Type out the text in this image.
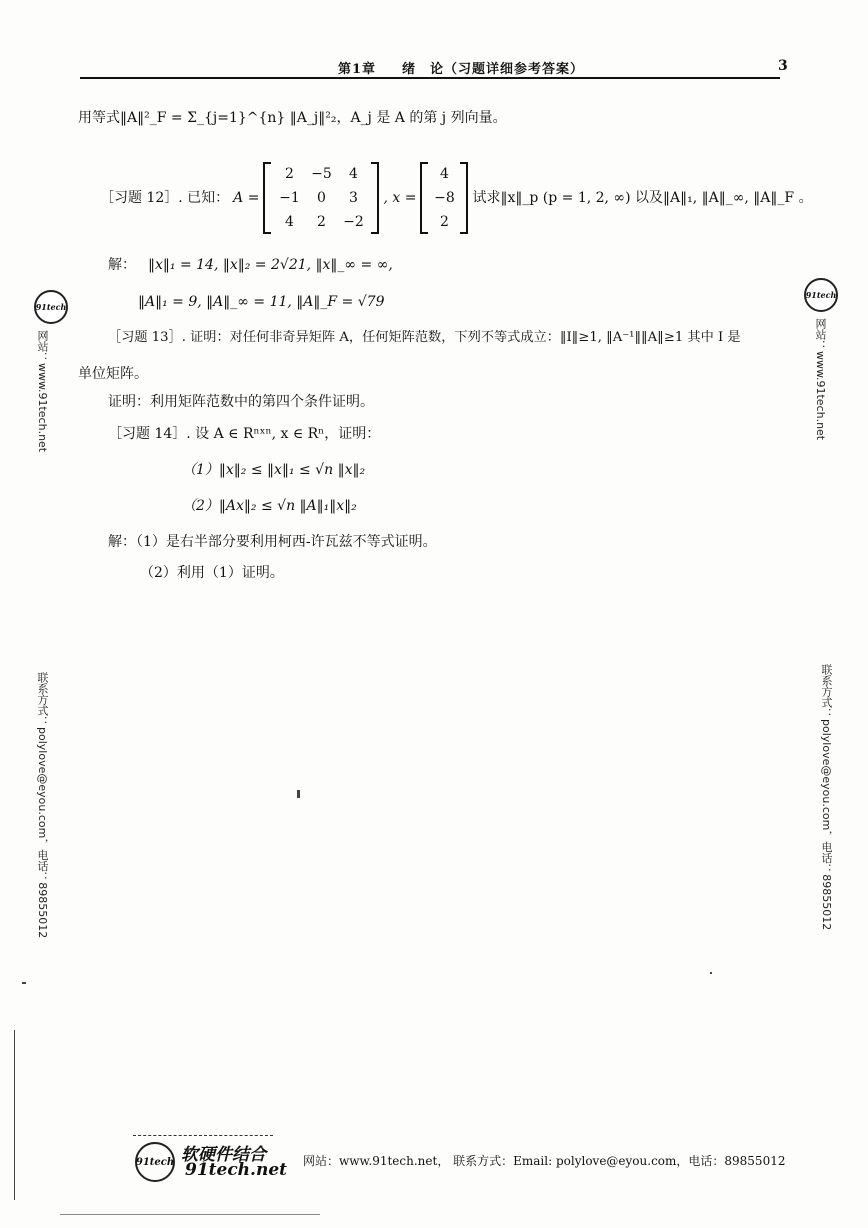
第1章 绪　论（习题详细参考答案）	3
用等式‖A‖²_F = Σ_{j=1}^{n} ‖A_j‖²₂，A_j 是 A 的第 j 列向量。
［习题 12］. 已知： A =
2	−5	4
−1	0	3
4	2	−2
, x =
4
−8
2
试求‖x‖_p (p = 1, 2, ∞) 以及‖A‖₁, ‖A‖_∞, ‖A‖_F 。
解： ‖x‖₁ = 14, ‖x‖₂ = 2√21, ‖x‖_∞ = ∞,
‖A‖₁ = 9, ‖A‖_∞ = 11, ‖A‖_F = √79
［习题 13］. 证明：对任何非奇异矩阵 A，任何矩阵范数，下列不等式成立：‖I‖≥1, ‖A⁻¹‖‖A‖≥1 其中 I 是
单位矩阵。
证明：利用矩阵范数中的第四个条件证明。
［习题 14］. 设 A ∈ Rⁿˣⁿ, x ∈ Rⁿ，证明：
（1）‖x‖₂ ≤ ‖x‖₁ ≤ √n ‖x‖₂
（2）‖Ax‖₂ ≤ √n ‖A‖₁‖x‖₂
解：（1）是右半部分要利用柯西-许瓦兹不等式证明。
（2）利用（1）证明。
91tech
网站：www.91tech.net
联系方式：polylove@eyou.com，电话：89855012
91tech
网站：www.91tech.net
联系方式：polylove@eyou.com，电话：89855012
91tech 软硬件结合
91tech.net 网站：www.91tech.net， 联系方式：Email: polylove@eyou.com，电话：89855012
